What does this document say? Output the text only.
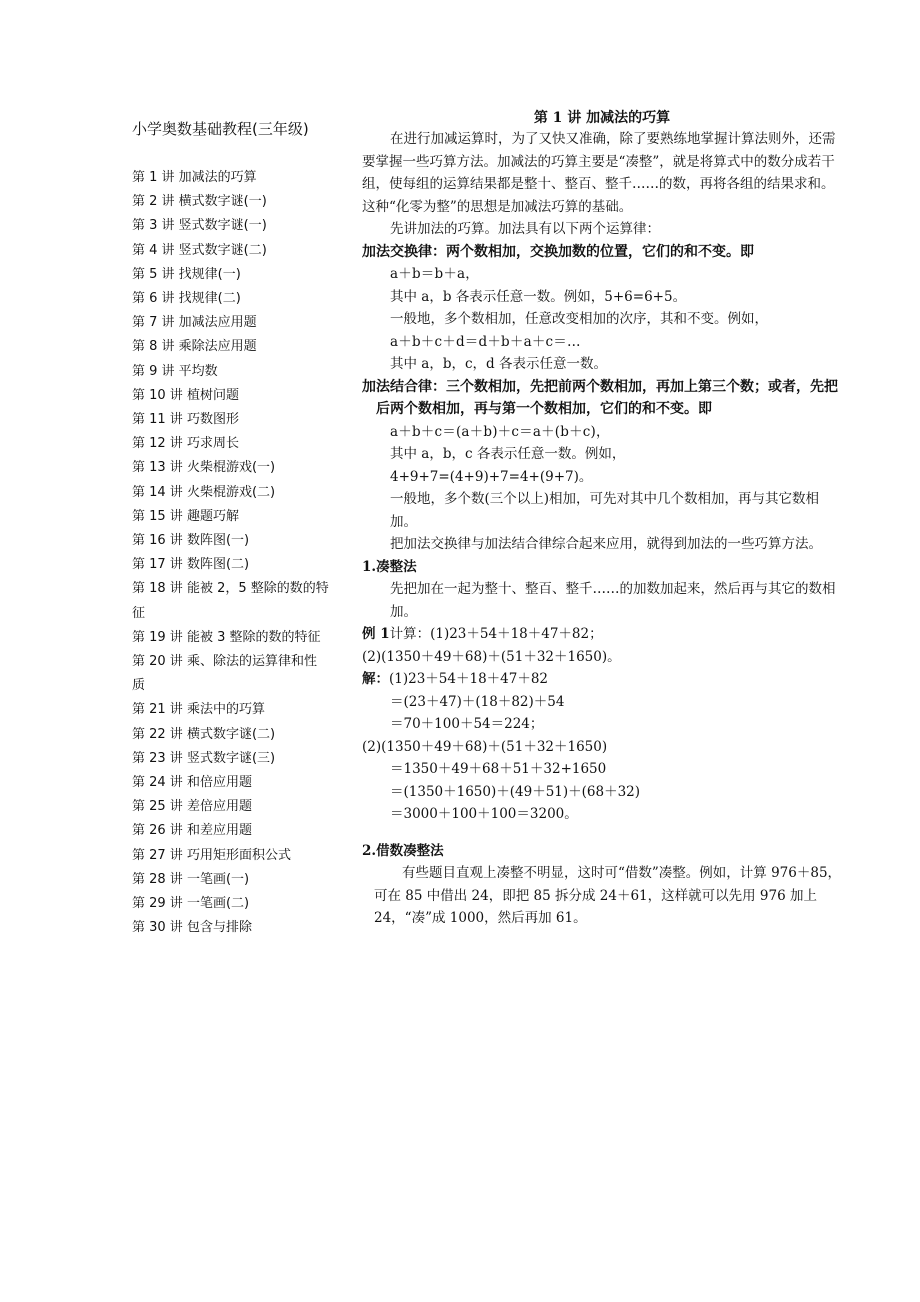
小学奥数基础教程(三年级)

第 1 讲 加减法的巧算
第 2 讲 横式数字谜(一)
第 3 讲 竖式数字谜(一)
第 4 讲 竖式数字谜(二)
第 5 讲 找规律(一)
第 6 讲 找规律(二)
第 7 讲 加减法应用题
第 8 讲 乘除法应用题
第 9 讲 平均数
第 10 讲 植树问题
第 11 讲 巧数图形
第 12 讲 巧求周长
第 13 讲 火柴棍游戏(一)
第 14 讲 火柴棍游戏(二)
第 15 讲 趣题巧解
第 16 讲 数阵图(一)
第 17 讲 数阵图(二)
第 18 讲 能被 2，5 整除的数的特
征
第 19 讲 能被 3 整除的数的特征
第 20 讲 乘、除法的运算律和性
质
第 21 讲 乘法中的巧算
第 22 讲 横式数字谜(二)
第 23 讲 竖式数字谜(三)
第 24 讲 和倍应用题
第 25 讲 差倍应用题
第 26 讲 和差应用题
第 27 讲 巧用矩形面积公式
第 28 讲 一笔画(一)
第 29 讲 一笔画(二)
第 30 讲 包含与排除

第 1 讲 加减法的巧算

在进行加减运算时，为了又快又准确，除了要熟练地掌握计算法则外，还需要掌握一些巧算方法。加减法的巧算主要是“凑整”，就是将算式中的数分成若干组，使每组的运算结果都是整十、整百、整千……的数，再将各组的结果求和。这种“化零为整”的思想是加减法巧算的基础。

先讲加法的巧算。加法具有以下两个运算律：

加法交换律：两个数相加，交换加数的位置，它们的和不变。即

a＋b＝b＋a，

其中 a，b 各表示任意一数。例如，5+6=6+5。

一般地，多个数相加，任意改变相加的次序，其和不变。例如，

a＋b＋c＋d＝d＋b＋a＋c＝…

其中 a，b，c，d 各表示任意一数。

加法结合律：三个数相加，先把前两个数相加，再加上第三个数；或者，先把后两个数相加，再与第一个数相加，它们的和不变。即

a＋b＋c＝(a＋b)＋c＝a＋(b＋c)，

其中 a，b，c 各表示任意一数。例如，

4+9+7=(4+9)+7=4+(9+7)。

一般地，多个数(三个以上)相加，可先对其中几个数相加，再与其它数相加。

把加法交换律与加法结合律综合起来应用，就得到加法的一些巧算方法。

1.凑整法

先把加在一起为整十、整百、整千……的加数加起来，然后再与其它的数相加。

例 1计算：(1)23＋54＋18＋47＋82；

(2)(1350＋49＋68)＋(51＋32＋1650)。

解：(1)23＋54＋18＋47＋82

＝(23＋47)＋(18＋82)＋54

＝70＋100＋54＝224；

(2)(1350＋49＋68)＋(51＋32＋1650)

＝1350＋49＋68＋51＋32+1650

＝(1350＋1650)＋(49＋51)＋(68＋32)

＝3000＋100＋100＝3200。

2.借数凑整法

有些题目直观上凑整不明显，这时可“借数”凑整。例如，计算 976＋85，可在 85 中借出 24，即把 85 拆分成 24＋61，这样就可以先用 976 加上 24，“凑”成 1000，然后再加 61。
